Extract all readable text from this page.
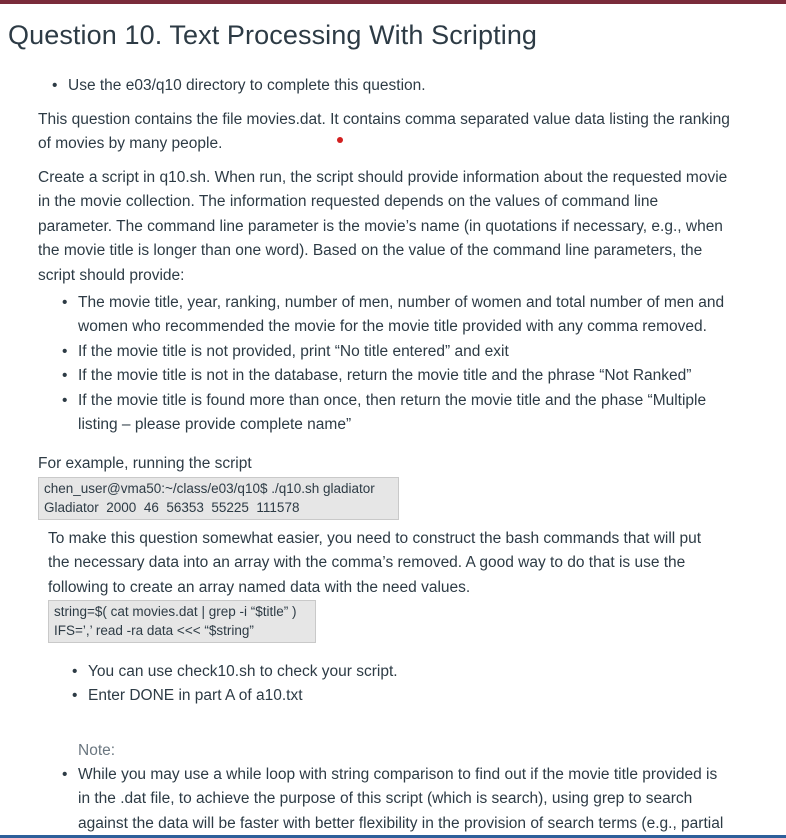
Question 10. Text Processing With Scripting
• Use the e03/q10 directory to complete this question.
This question contains the file movies.dat. It contains comma separated value data listing the ranking
of movies by many people.
Create a script in q10.sh. When run, the script should provide information about the requested movie
in the movie collection. The information requested depends on the values of command line
parameter. The command line parameter is the movie’s name (in quotations if necessary, e.g., when
the movie title is longer than one word). Based on the value of the command line parameters, the
script should provide:
• The movie title, year, ranking, number of men, number of women and total number of men and
women who recommended the movie for the movie title provided with any comma removed.
• If the movie title is not provided, print “No title entered” and exit
• If the movie title is not in the database, return the movie title and the phrase “Not Ranked”
• If the movie title is found more than once, then return the movie title and the phase “Multiple
listing – please provide complete name”
For example, running the script
chen_user@vma50:~/class/e03/q10$ ./q10.sh gladiator
Gladiator  2000  46  56353  55225  111578
To make this question somewhat easier, you need to construct the bash commands that will put
the necessary data into an array with the comma’s removed. A good way to do that is use the
following to create an array named data with the need values.
string=$( cat movies.dat | grep -i “$title” )
IFS=’,’ read -ra data <<< “$string”
• You can use check10.sh to check your script.
• Enter DONE in part A of a10.txt
Note:
• While you may use a while loop with string comparison to find out if the movie title provided is
in the .dat file, to achieve the purpose of this script (which is search), using grep to search
against the data will be faster with better flexibility in the provision of search terms (e.g., partial
